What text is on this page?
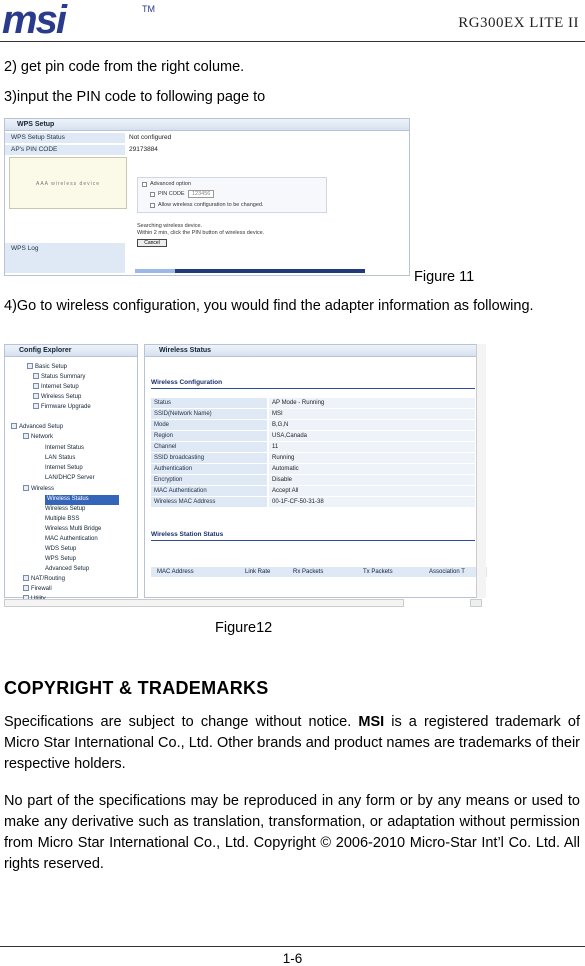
msi	TM
RG300EX LITE II
2) get pin code from the right colume.
3)input the PIN code to following page to
WPS Setup
WPS Setup Status	Not configured
AP's PIN CODE	29173884
AAA wireless device	Advanced option
PIN CODE	123456
Allow wireless configuration to be changed.
WPS Log
Searching wireless device.
Within 2 min, click the PIN button of wireless device.
Cancel
Figure 11
4)Go to wireless configuration, you would find the adapter information as following.
Config Explorer
Basic Setup
Status Summary
Internet Setup
Wireless Setup
Firmware Upgrade
Advanced Setup
Network
Internet Status
LAN Status
Internet Setup
LAN/DHCP Server
Wireless
Wireless Status
Wireless Setup
Multiple BSS
Wireless Multi Bridge
MAC Authentication
WDS Setup
WPS Setup
Advanced Setup
NAT/Routing
Firewall
Wireless Status
Wireless Configuration
Status	AP Mode - Running
SSID(Network Name)	MSI
Mode	B,G,N
Region	USA,Canada
Channel	11
SSID broadcasting	Running
Authentication	Automatic
Encryption	Disable
MAC Authentication	Accept All
Wireless MAC Address	00-1F-CF-50-31-38
Wireless Station Status
MAC Address	Link Rate	Rx Packets	Tx Packets	Association T
Figure12
COPYRIGHT & TRADEMARKS
Specifications are subject to change without notice. MSI is a registered trademark of Micro Star International Co., Ltd. Other brands and product names are trademarks of their respective holders.
No part of the specifications may be reproduced in any form or by any means or used to make any derivative such as translation, transformation, or adaptation without permission from Micro Star International Co., Ltd. Copyright © 2006-2010 Micro-Star Int’l Co. Ltd. All rights reserved.
1-6
